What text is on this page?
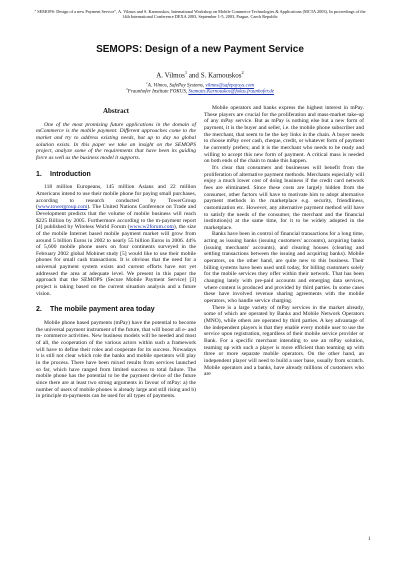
" SEMOPS: Design of a new Payment Service", A. Vilmos and S. Karnouskos, International Workshop on Mobile Commerce Technologies & Applications (MCTA 2003), In proceedings of the 14th International Conference DEXA 2003, September 1-5, 2003, Prague, Czech Republic
SEMOPS: Design of a new Payment Service
A. Vilmos$^1$ and S. Karnouskos$^2$
$^1$A. Vilmos, SafePay Systems, vilmos@safepaysys.com
$^2$Fraunhofer Institute FOKUS, Stamatis.Karnouskos@fokus.fraunhofer.de
Abstract

One of the most promising future applications in the domain of mCommerce is the mobile payment. Different approaches come to the market and try to address existing needs, but up to day no global solution exists. In this paper we take an insight on the SEMOPS project, analyze some of the requirements that have been its guiding force as well as the business model it supports.

1. Introduction

118 million Europeans, 145 million Asians and 22 million Americans intend to use their mobile phone for paying small purchases, according to research conducted by TowerGroup (www.towergroup.com). The United Nations Conference on Trade and Development predicts that the volume of mobile business will reach $225 Billion by 2005. Furthermore according to the m-payment report [4] published by Wireless World Forum (www.w2forum.com), the size of the mobile Internet based mobile payment market will grow from around 5 billion Euros in 2002 to nearly 55 billion Euros in 2006. 44% of 5,600 mobile phone users on four continents surveyed in the February 2002 global Mobinet study [5] would like to use their mobile phones for small cash transactions. It is obvious that the need for a universal payment system exists and current efforts have not yet addressed the area at adequate level. We present in this paper the approach that the SEMOPS (Secure Mobile Payment Service) [3] project is taking based on the current situation analysis and a future vision.

2. The mobile payment area today

Mobile phone based payments (mPay) have the potential to become the universal payment instrument of the future, that will boost all e- and m- commerce activities. New business models will be needed and most of all, the cooperation of the various actors within such a framework will have to define their roles and cooperate for its success. Nowadays it is still not clear which role the banks and mobile operators will play in the process. There have been mixed results from services launched so far, which have ranged from limited success to total failure. The mobile phone has the potential to be the payment device of the future since there are at least two strong arguments in favour of mPay: a) the number of users of mobile phones is already large and still rising and b) in principle m-payments can be used for all types of payments.

Mobile operators and banks express the highest interest in mPay. These players are crucial for the proliferation and mass-market take-up of any mPay service. But as mPay is nothing else but a new form of payment, it is the buyer and seller, i.e. the mobile phone subscriber and the merchant, that seem to be the key links in the chain. A buyer needs to choose mPay over cash, cheque, credit, or whatever form of payment he currently prefers; and it is the merchant who needs to be ready and willing to accept this new form of payment. A critical mass is needed on both ends of the chain to make this happen.

It's clear that consumers and businesses will benefit from the proliferation of alternative payment methods. Merchants especially will enjoy a much lower cost of doing business if the credit card network fees are eliminated. Since these costs are largely hidden from the consumer, other factors will have to motivate him to adopt alternative payment methods in the marketplace e.g. security, friendliness, customization etc. However, any alternative payment method will have to satisfy the needs of the consumer, the merchant and the financial institution(s) at the same time, for it to be widely adopted in the marketplace.

Banks have been in control of financial transactions for a long time, acting as issuing banks (issuing customers' accounts), acquiring banks (issuing merchants' accounts), and clearing houses (clearing and settling transactions between the issuing and acquiring banks). Mobile operators, on the other hand, are quite new to this business. Their billing systems have been used until today, for billing customers solely for the mobile services they offer within their network. That has been changing lately with pre-paid accounts and emerging data services, where content is produced and provided by third parties. In some cases these have involved revenue sharing agreements with the mobile operators, who handle service charging.

There is a large variety of mPay services in the market already, some of which are operated by Banks and Mobile Network Operators (MNO), while others are operated by third parties. A key advantage of the independent players is that they enable every mobile user to use the service upon registration, regardless of their mobile service provider or Bank. For a specific merchant intending to use an mPay solution, teaming up with such a player is more efficient than teaming up with three or more separate mobile operators. On the other hand, an independent player will need to build a user base, usually from scratch. Mobile operators and a banks, have already millions of customers who are

1
